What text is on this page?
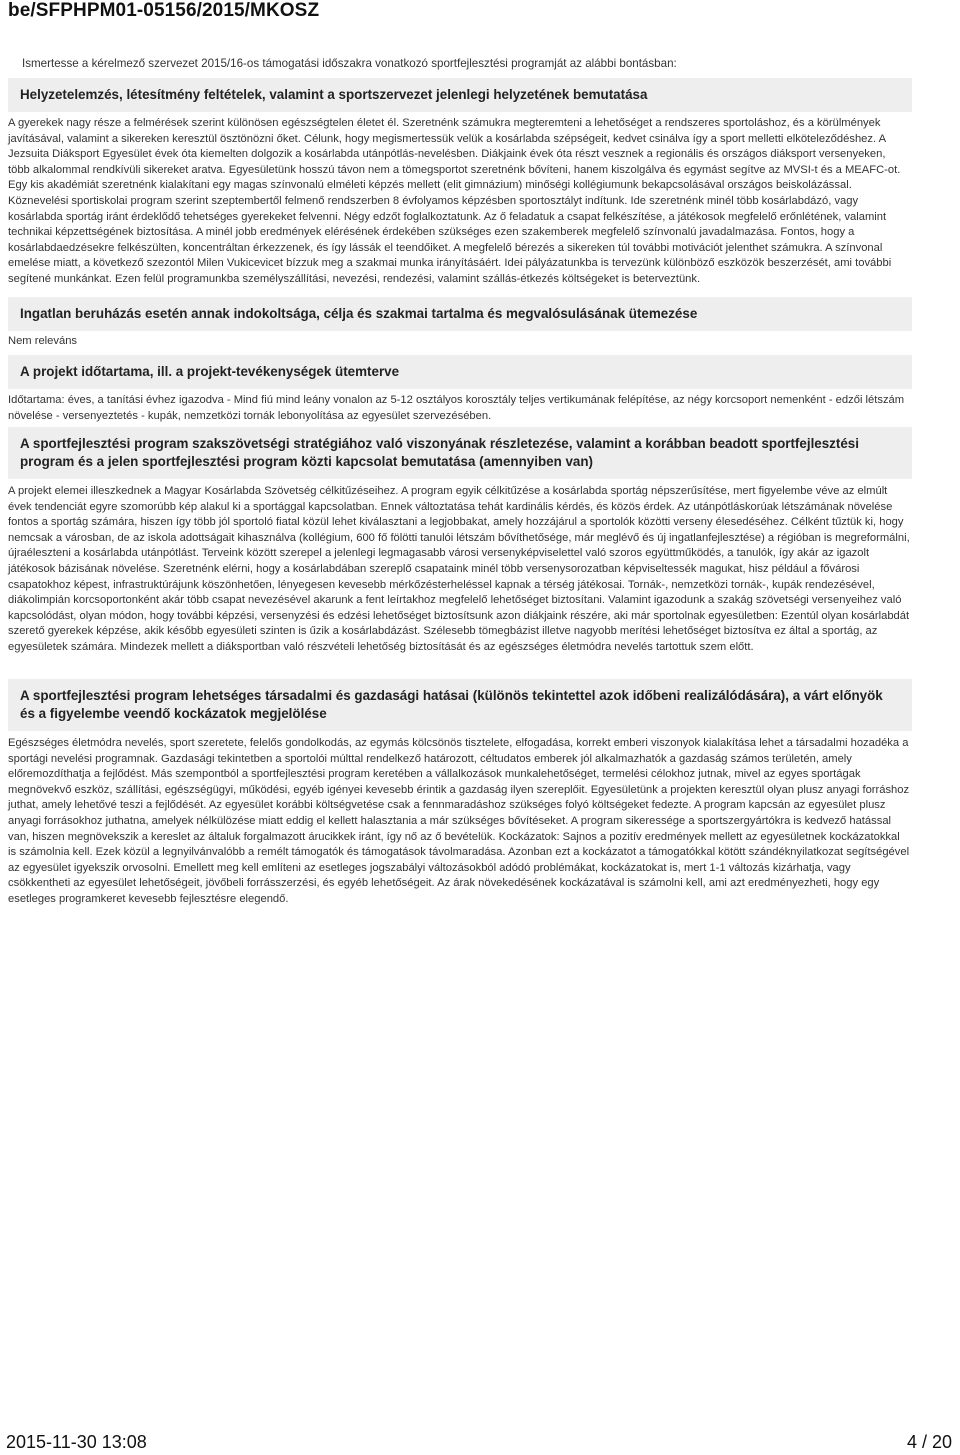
be/SFPHPM01-05156/2015/MKOSZ
Ismertesse a kérelmező szervezet 2015/16-os támogatási időszakra vonatkozó sportfejlesztési programját az alábbi bontásban:
Helyzetelemzés, létesítmény feltételek, valamint a sportszervezet jelenlegi helyzetének bemutatása

A gyerekek nagy része a felmérések szerint különösen egészségtelen életet él. Szeretnénk számukra megteremteni a lehetőséget a rendszeres sportoláshoz, és a körülmények javításával, valamint a sikereken keresztül ösztönözni őket. Célunk, hogy megismertessük velük a kosárlabda szépségeit, kedvet csinálva így a sport melletti elköteleződéshez. A Jezsuita Diáksport Egyesület évek óta kiemelten dolgozik a kosárlabda utánpótlás-nevelésben. Diákjaink évek óta részt vesznek a regionális és országos diáksport versenyeken, több alkalommal rendkívüli sikereket aratva. Egyesületünk hosszú távon nem a tömegsportot szeretnénk bővíteni, hanem kiszolgálva és egymást segítve az MVSI-t és a MEAFC-ot. Egy kis akadémiát szeretnénk kialakítani egy magas színvonalú elméleti képzés mellett (elit gimnázium) minőségi kollégiumunk bekapcsolásával országos beiskolázással. Köznevelési sportiskolai program szerint szeptembertől felmenő rendszerben 8 évfolyamos képzésben sportosztályt indítunk. Ide szeretnénk minél több kosárlabdázó, vagy kosárlabda sportág iránt érdeklődő tehetséges gyerekeket felvenni. Négy edzőt foglalkoztatunk. Az ő feladatuk a csapat felkészítése, a játékosok megfelelő erőnlétének, valamint technikai képzettségének biztosítása. A minél jobb eredmények elérésének érdekében szükséges ezen szakemberek megfelelő színvonalú javadalmazása. Fontos, hogy a kosárlabdaedzésekre felkészülten, koncentráltan érkezzenek, és így lássák el teendőiket. A megfelelő bérezés a sikereken túl további motivációt jelenthet számukra. A színvonal emelése miatt, a következő szezontól Milen Vukicevicet bízzuk meg a szakmai munka irányításáért. Idei pályázatunkba is tervezünk különböző eszközök beszerzését, ami további segítené munkánkat. Ezen felül programunkba személyszállítási, nevezési, rendezési, valamint szállás-étkezés költségeket is beterveztünk.

Ingatlan beruházás esetén annak indokoltsága, célja és szakmai tartalma és megvalósulásának ütemezése

Nem releváns

A projekt időtartama, ill. a projekt-tevékenységek ütemterve

Időtartama: éves, a tanítási évhez igazodva - Mind fiú mind leány vonalon az 5-12 osztályos korosztály teljes vertikumának felépítése, az négy korcsoport nemenként - edzői létszám növelése - versenyeztetés - kupák, nemzetközi tornák lebonyolítása az egyesület szervezésében.

A sportfejlesztési program szakszövetségi stratégiához való viszonyának részletezése, valamint a korábban beadott sportfejlesztési program és a jelen sportfejlesztési program közti kapcsolat bemutatása (amennyiben van)

A projekt elemei illeszkednek a Magyar Kosárlabda Szövetség célkitűzéseihez. A program egyik célkitűzése a kosárlabda sportág népszerűsítése, mert figyelembe véve az elmúlt évek tendenciát egyre szomorúbb kép alakul ki a sportággal kapcsolatban. Ennek változtatása tehát kardinális kérdés, és közös érdek. Az utánpótláskorúak létszámának növelése fontos a sportág számára, hiszen így több jól sportoló fiatal közül lehet kiválasztani a legjobbakat, amely hozzájárul a sportolók közötti verseny élesedéséhez. Célként tűztük ki, hogy nemcsak a városban, de az iskola adottságait kihasználva (kollégium, 600 fő fölötti tanulói létszám bővíthetősége, már meglévő és új ingatlanfejlesztése) a régióban is megreformálni, újraéleszteni a kosárlabda utánpótlást. Terveink között szerepel a jelenlegi legmagasabb városi versenyképviselettel való szoros együttműködés, a tanulók, így akár az igazolt játékosok bázisának növelése. Szeretnénk elérni, hogy a kosárlabdában szereplő csapataink minél több versenysorozatban képviseltessék magukat, hisz például a fővárosi csapatokhoz képest, infrastruktúrájunk köszönhetően, lényegesen kevesebb mérkőzésterheléssel kapnak a térség játékosai. Tornák-, nemzetközi tornák-, kupák rendezésével, diákolimpián korcsoportonként akár több csapat nevezésével akarunk a fent leírtakhoz megfelelő lehetőséget biztosítani. Valamint igazodunk a szakág szövetségi versenyeihez való kapcsolódást, olyan módon, hogy további képzési, versenyzési és edzési lehetőséget biztosítsunk azon diákjaink részére, aki már sportolnak egyesületben: Ezentúl olyan kosárlabdát szerető gyerekek képzése, akik később egyesületi szinten is űzik a kosárlabdázást. Szélesebb tömegbázist illetve nagyobb merítési lehetőséget biztosítva ez által a sportág, az egyesületek számára. Mindezek mellett a diáksportban való részvételi lehetőség biztosítását és az egészséges életmódra nevelés tartottuk szem előtt.

A sportfejlesztési program lehetséges társadalmi és gazdasági hatásai (különös tekintettel azok időbeni realizálódására), a várt előnyök és a figyelembe veendő kockázatok megjelölése

Egészséges életmódra nevelés, sport szeretete, felelős gondolkodás, az egymás kölcsönös tisztelete, elfogadása, korrekt emberi viszonyok kialakítása lehet a társadalmi hozadéka a sportági nevelési programnak. Gazdasági tekintetben a sportolói múlttal rendelkező határozott, céltudatos emberek jól alkalmazhatók a gazdaság számos területén, amely előremozdíthatja a fejlődést. Más szempontból a sportfejlesztési program keretében a vállalkozások munkalehetőséget, termelési célokhoz jutnak, mivel az egyes sportágak megnövekvő eszköz, szállítási, egészségügyi, működési, egyéb igényei kevesebb érintik a gazdaság ilyen szereplőit. Egyesületünk a projekten keresztül olyan plusz anyagi forráshoz juthat, amely lehetővé teszi a fejlődését. Az egyesület korábbi költségvetése csak a fennmaradáshoz szükséges folyó költségeket fedezte. A program kapcsán az egyesület plusz anyagi forrásokhoz juthatna, amelyek nélkülözése miatt eddig el kellett halasztania a már szükséges bővítéseket. A program sikeressége a sportszergyártókra is kedvező hatással van, hiszen megnövekszik a kereslet az általuk forgalmazott árucikkek iránt, így nő az ő bevételük. Kockázatok: Sajnos a pozitív eredmények mellett az egyesületnek kockázatokkal is számolnia kell. Ezek közül a legnyilvánvalóbb a remélt támogatók és támogatások távolmaradása. Azonban ezt a kockázatot a támogatókkal kötött szándéknyilatkozat segítségével az egyesület igyekszik orvosolni. Emellett meg kell említeni az esetleges jogszabályi változásokból adódó problémákat, kockázatokat is, mert 1-1 változás kizárhatja, vagy csökkentheti az egyesület lehetőségeit, jövőbeli forrásszerzési, és egyéb lehetőségeit. Az árak növekedésének kockázatával is számolni kell, ami azt eredményezheti, hogy egy esetleges programkeret kevesebb fejlesztésre elegendő.

2015-11-30 13:08	4 / 20
